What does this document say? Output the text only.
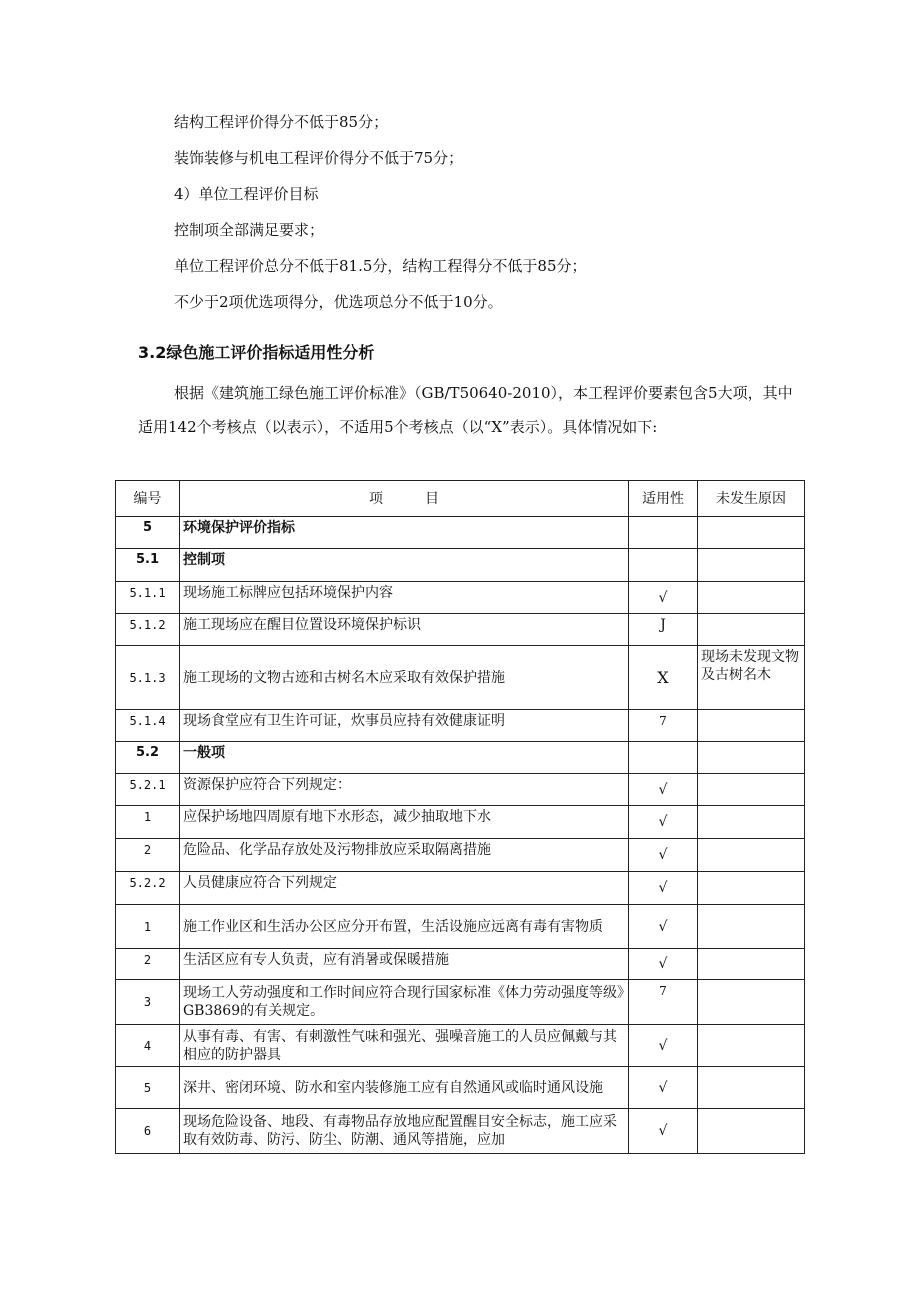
结构工程评价得分不低于85分；
装饰装修与机电工程评价得分不低于75分；
4）单位工程评价目标
控制项全部满足要求；
单位工程评价总分不低于81.5分，结构工程得分不低于85分；
不少于2项优选项得分，优选项总分不低于10分。
3.2绿色施工评价指标适用性分析
根据《建筑施工绿色施工评价标准》（GB/T50640-2010），本工程评价要素包含5大项，其中适用142个考核点（以表示），不适用5个考核点（以“X”表示）。具体情况如下:
编号	项　　　目	适用性	未发生原因
5	环境保护评价指标		
5.1	控制项		
5.1.1	现场施工标牌应包括环境保护内容	√	
5.1.2	施工现场应在醒目位置设环境保护标识	J	
5.1.3	施工现场的文物古迹和古树名木应采取有效保护措施	X	现场未发现文物及古树名木
5.1.4	现场食堂应有卫生许可证，炊事员应持有效健康证明	7	
5.2	一般项		
5.2.1	资源保护应符合下列规定：	√	
1	应保护场地四周原有地下水形态，减少抽取地下水	√	
2	危险品、化学品存放处及污物排放应采取隔离措施	√	
5.2.2	人员健康应符合下列规定	√	
1	施工作业区和生活办公区应分开布置，生活设施应远离有毒有害物质	√	
2	生活区应有专人负责，应有消暑或保暖措施	√	
3	现场工人劳动强度和工作时间应符合现行国家标准《体力劳动强度等级》GB3869的有关规定。	7	
4	从事有毒、有害、有刺激性气味和强光、强噪音施工的人员应佩戴与其相应的防护器具	√	
5	深井、密闭环境、防水和室内装修施工应有自然通风或临时通风设施	√	
6	现场危险设备、地段、有毒物品存放地应配置醒目安全标志，施工应采取有效防毒、防污、防尘、防潮、通风等措施，应加	√	
